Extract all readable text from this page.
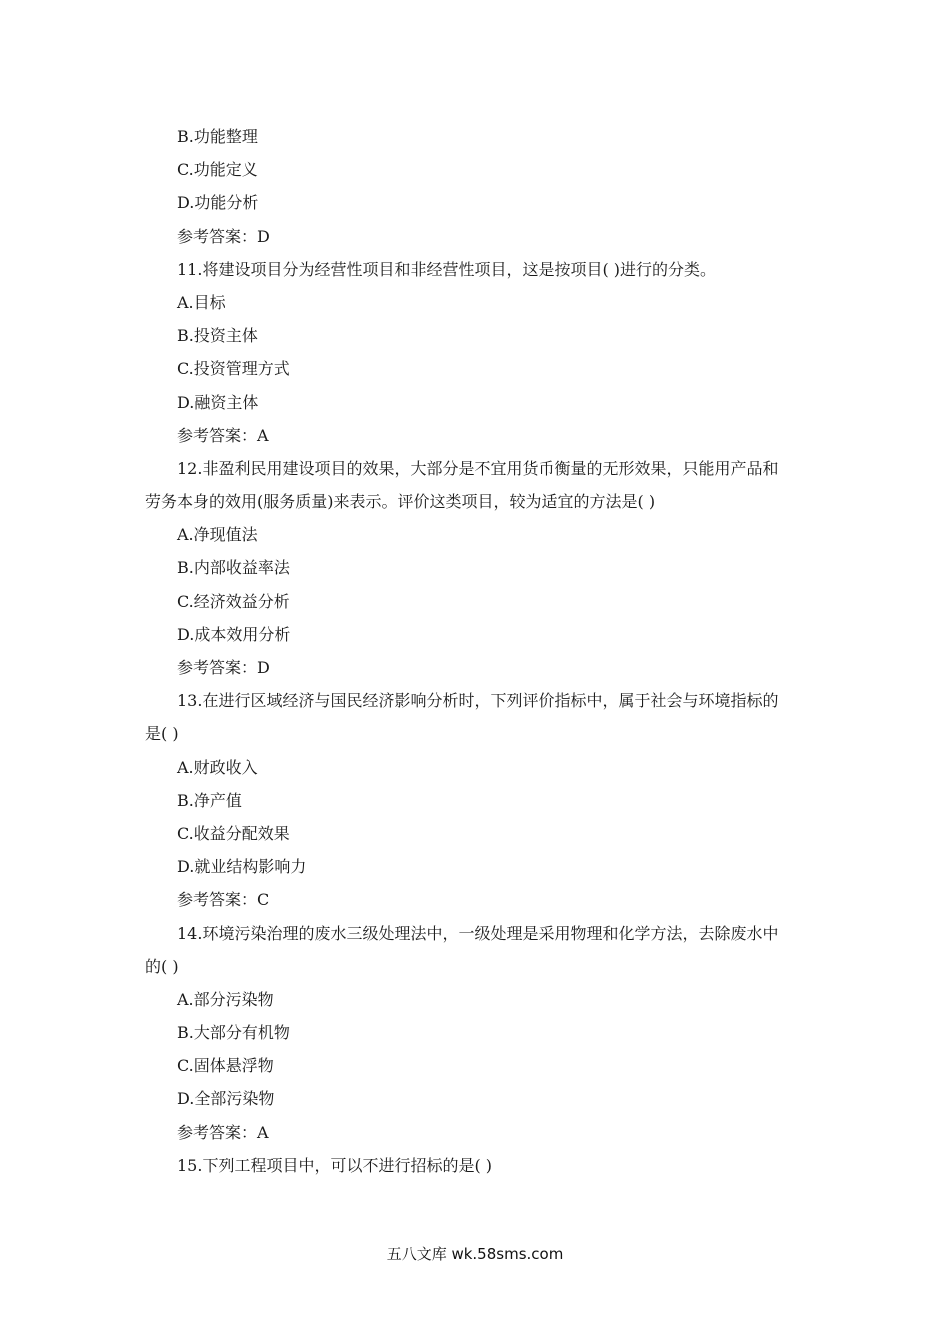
B.功能整理
C.功能定义
D.功能分析
参考答案：D
11.将建设项目分为经营性项目和非经营性项目，这是按项目( )进行的分类。
A.目标
B.投资主体
C.投资管理方式
D.融资主体
参考答案：A
12.非盈利民用建设项目的效果，大部分是不宜用货币衡量的无形效果，只能用产品和
劳务本身的效用(服务质量)来表示。评价这类项目，较为适宜的方法是( )
A.净现值法
B.内部收益率法
C.经济效益分析
D.成本效用分析
参考答案：D
13.在进行区域经济与国民经济影响分析时，下列评价指标中，属于社会与环境指标的
是( )
A.财政收入
B.净产值
C.收益分配效果
D.就业结构影响力
参考答案：C
14.环境污染治理的废水三级处理法中，一级处理是采用物理和化学方法，去除废水中
的( )
A.部分污染物
B.大部分有机物
C.固体悬浮物
D.全部污染物
参考答案：A
15.下列工程项目中，可以不进行招标的是( )
五八文库 wk.58sms.com
